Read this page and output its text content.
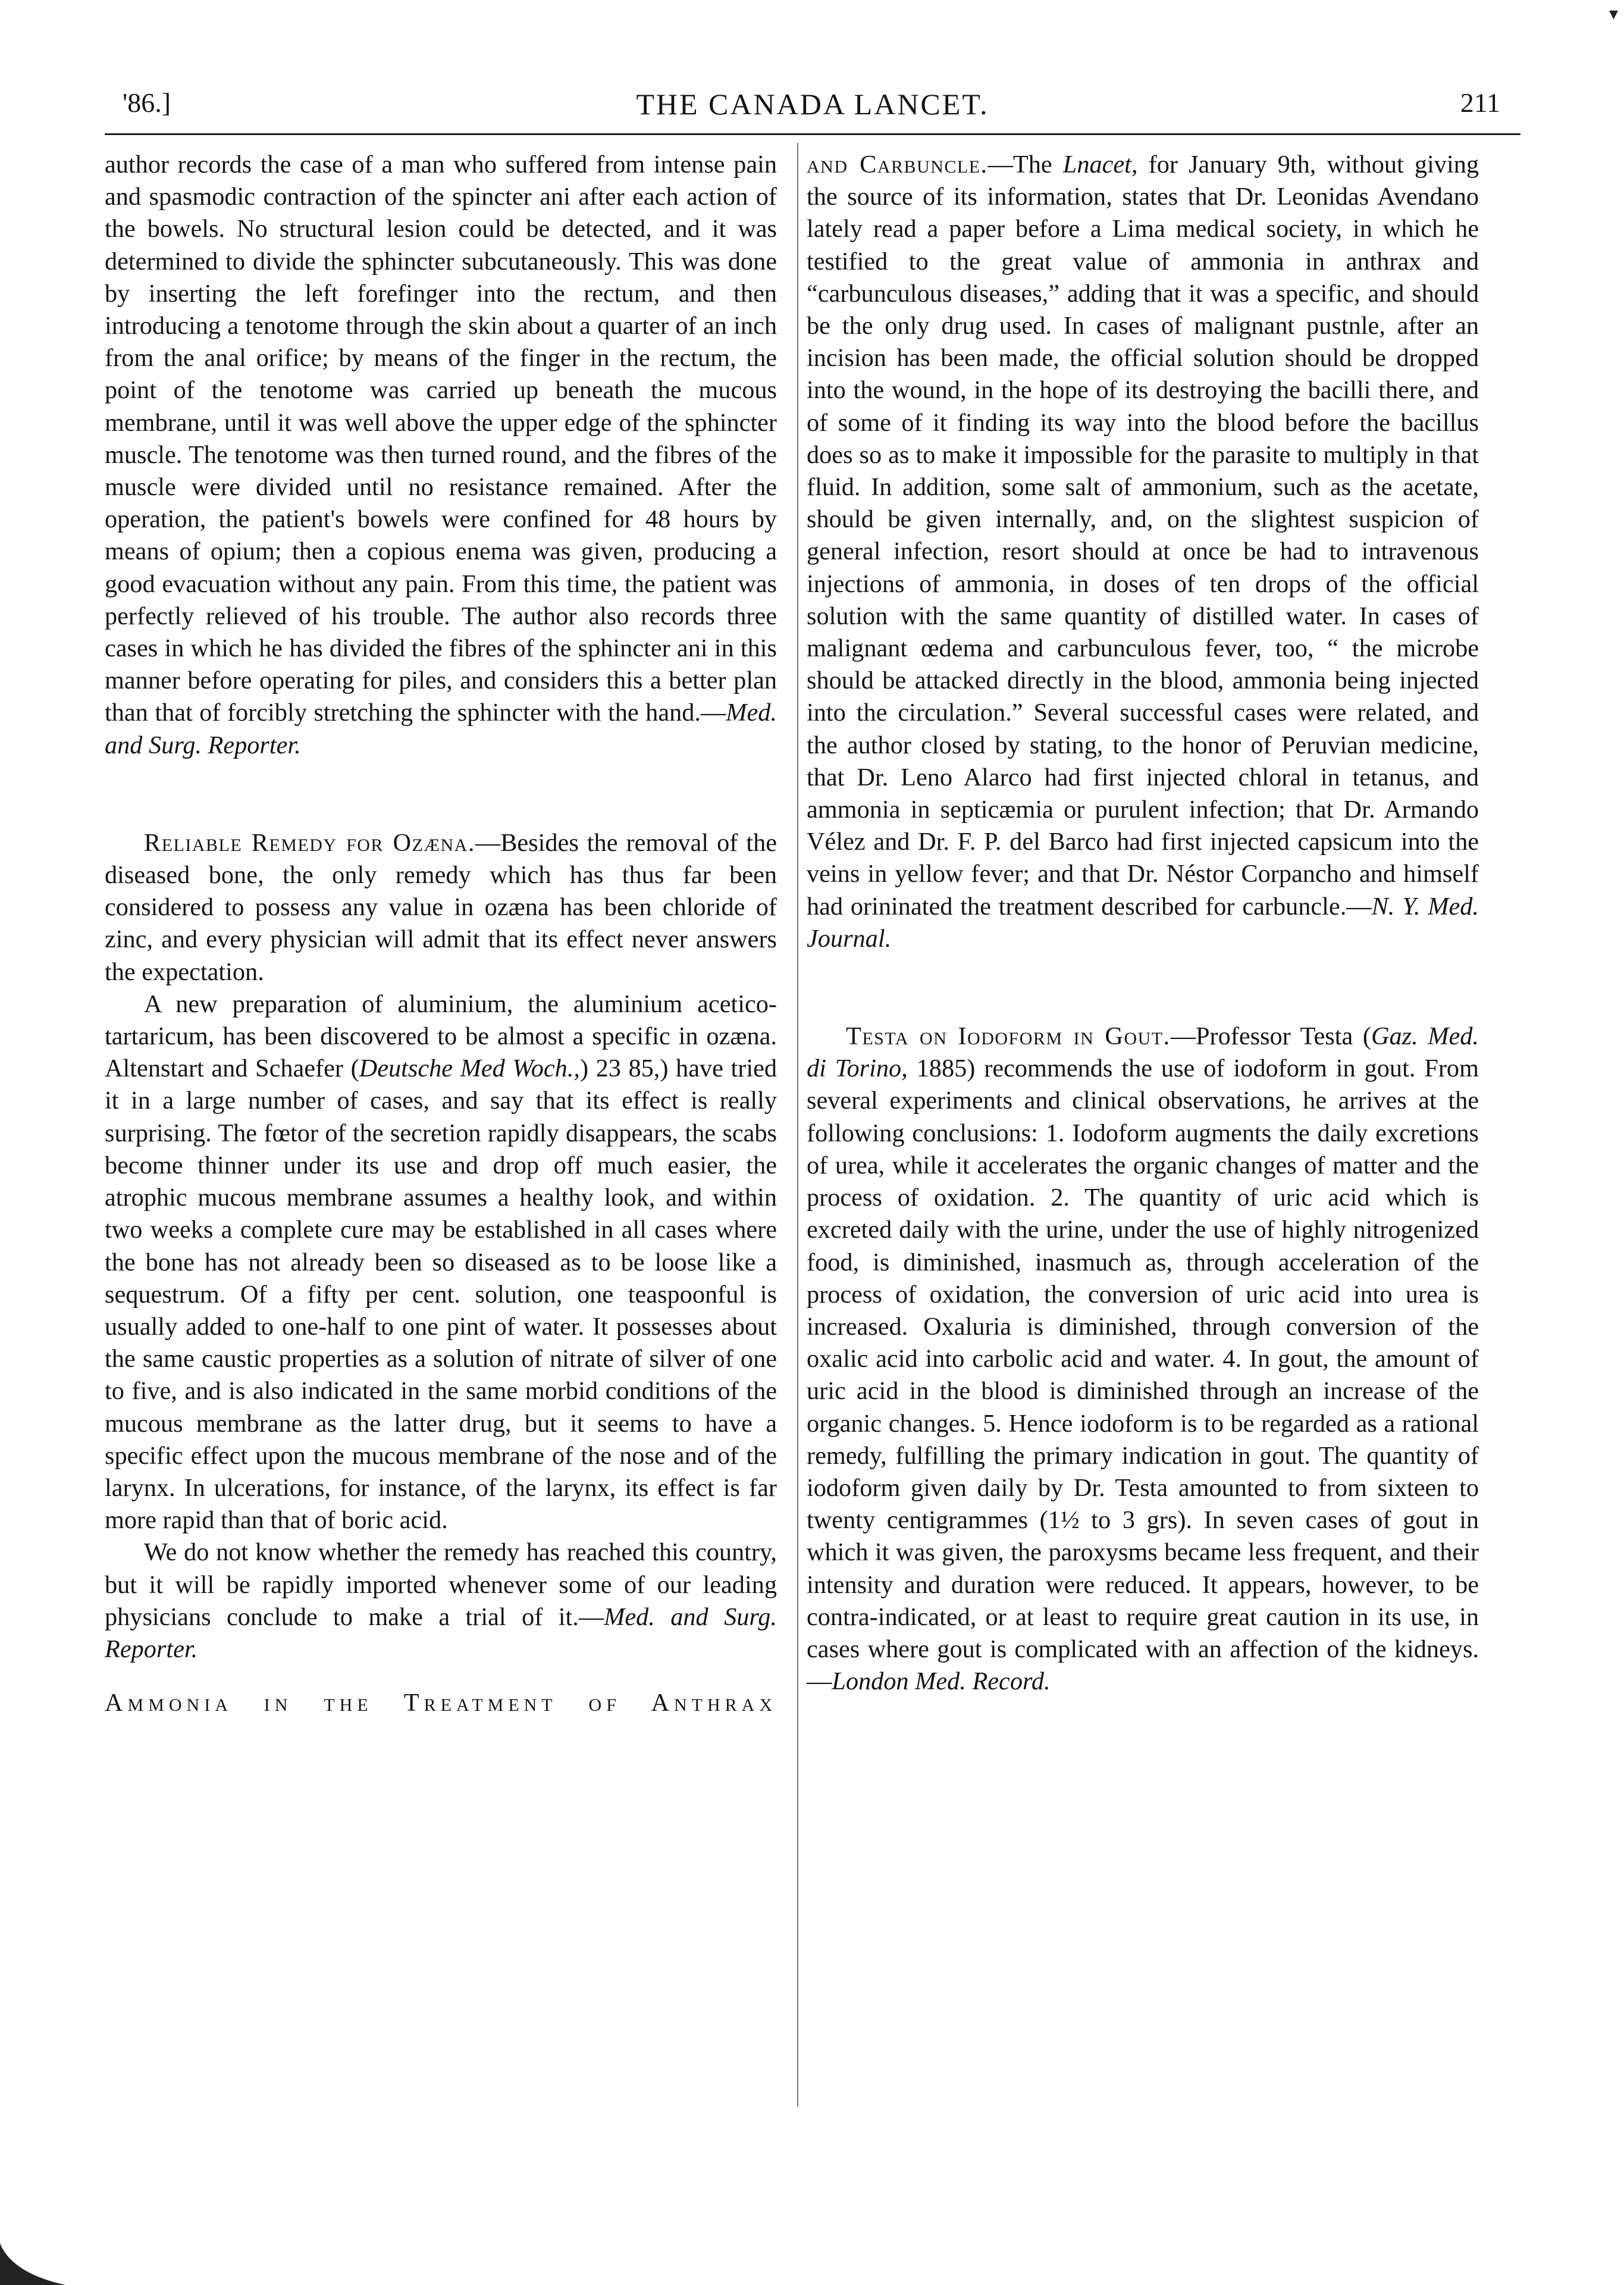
▾
'86.]	THE CANADA LANCET.	211

author records the case of a man who suffered from intense pain and spasmodic contraction of the spincter ani after each action of the bowels. No structural lesion could be detected, and it was determined to divide the sphincter subcutaneously. This was done by inserting the left forefinger into the rectum, and then introducing a tenotome through the skin about a quarter of an inch from the anal orifice; by means of the finger in the rectum, the point of the tenotome was carried up beneath the mucous membrane, until it was well above the upper edge of the sphincter muscle. The tenotome was then turned round, and the fibres of the muscle were divided until no resistance remained. After the operation, the patient's bowels were confined for 48 hours by means of opium; then a copious enema was given, producing a good evacuation without any pain. From this time, the patient was perfectly relieved of his trouble. The author also records three cases in which he has divided the fibres of the sphincter ani in this manner before operating for piles, and considers this a better plan than that of forcibly stretching the sphincter with the hand.—Med. and Surg. Reporter.

Reliable Remedy for Ozæna.—Besides the removal of the diseased bone, the only remedy which has thus far been considered to possess any value in ozæna has been chloride of zinc, and every physician will admit that its effect never answers the expectation.

A new preparation of aluminium, the aluminium acetico-tartaricum, has been discovered to be almost a specific in ozæna. Altenstart and Schaefer (Deutsche Med Woch.,) 23 85,) have tried it in a large number of cases, and say that its effect is really surprising. The fœtor of the secretion rapidly disappears, the scabs become thinner under its use and drop off much easier, the atrophic mucous membrane assumes a healthy look, and within two weeks a complete cure may be established in all cases where the bone has not already been so diseased as to be loose like a sequestrum. Of a fifty per cent. solution, one teaspoonful is usually added to one-half to one pint of water. It possesses about the same caustic properties as a solution of nitrate of silver of one to five, and is also indicated in the same morbid conditions of the mucous membrane as the latter drug, but it seems to have a specific effect upon the mucous membrane of the nose and of the larynx. In ulcerations, for instance, of the larynx, its effect is far more rapid than that of boric acid.

We do not know whether the remedy has reached this country, but it will be rapidly imported whenever some of our leading physicians conclude to make a trial of it.—Med. and Surg. Reporter.

Ammonia in the Treatment of Anthrax

and Carbuncle.—The Lnacet, for January 9th, without giving the source of its information, states that Dr. Leonidas Avendano lately read a paper before a Lima medical society, in which he testified to the great value of ammonia in anthrax and “carbunculous diseases,” adding that it was a specific, and should be the only drug used. In cases of malignant pustnle, after an incision has been made, the official solution should be dropped into the wound, in the hope of its destroying the bacilli there, and of some of it finding its way into the blood before the bacillus does so as to make it impossible for the parasite to multiply in that fluid. In addition, some salt of ammonium, such as the acetate, should be given internally, and, on the slightest suspicion of general infection, resort should at once be had to intravenous injections of ammonia, in doses of ten drops of the official solution with the same quantity of distilled water. In cases of malignant œdema and carbunculous fever, too, “ the microbe should be attacked directly in the blood, ammonia being injected into the circulation.” Several successful cases were related, and the author closed by stating, to the honor of Peruvian medicine, that Dr. Leno Alarco had first injected chloral in tetanus, and ammonia in septicæmia or purulent infection; that Dr. Armando Vélez and Dr. F. P. del Barco had first injected capsicum into the veins in yellow fever; and that Dr. Néstor Corpancho and himself had orininated the treatment described for carbuncle.—N. Y. Med. Journal.

Testa on Iodoform in Gout.—Professor Testa (Gaz. Med. di Torino, 1885) recommends the use of iodoform in gout. From several experiments and clinical observations, he arrives at the following conclusions: 1. Iodoform augments the daily excretions of urea, while it accelerates the organic changes of matter and the process of oxidation. 2. The quantity of uric acid which is excreted daily with the urine, under the use of highly nitrogenized food, is diminished, inasmuch as, through acceleration of the process of oxidation, the conversion of uric acid into urea is increased. Oxaluria is diminished, through conversion of the oxalic acid into carbolic acid and water. 4. In gout, the amount of uric acid in the blood is diminished through an increase of the organic changes. 5. Hence iodoform is to be regarded as a rational remedy, fulfilling the primary indication in gout. The quantity of iodoform given daily by Dr. Testa amounted to from sixteen to twenty centigrammes (1½ to 3 grs). In seven cases of gout in which it was given, the paroxysms became less frequent, and their intensity and duration were reduced. It appears, however, to be contra-indicated, or at least to require great caution in its use, in cases where gout is complicated with an affection of the kidneys.—London Med. Record.
